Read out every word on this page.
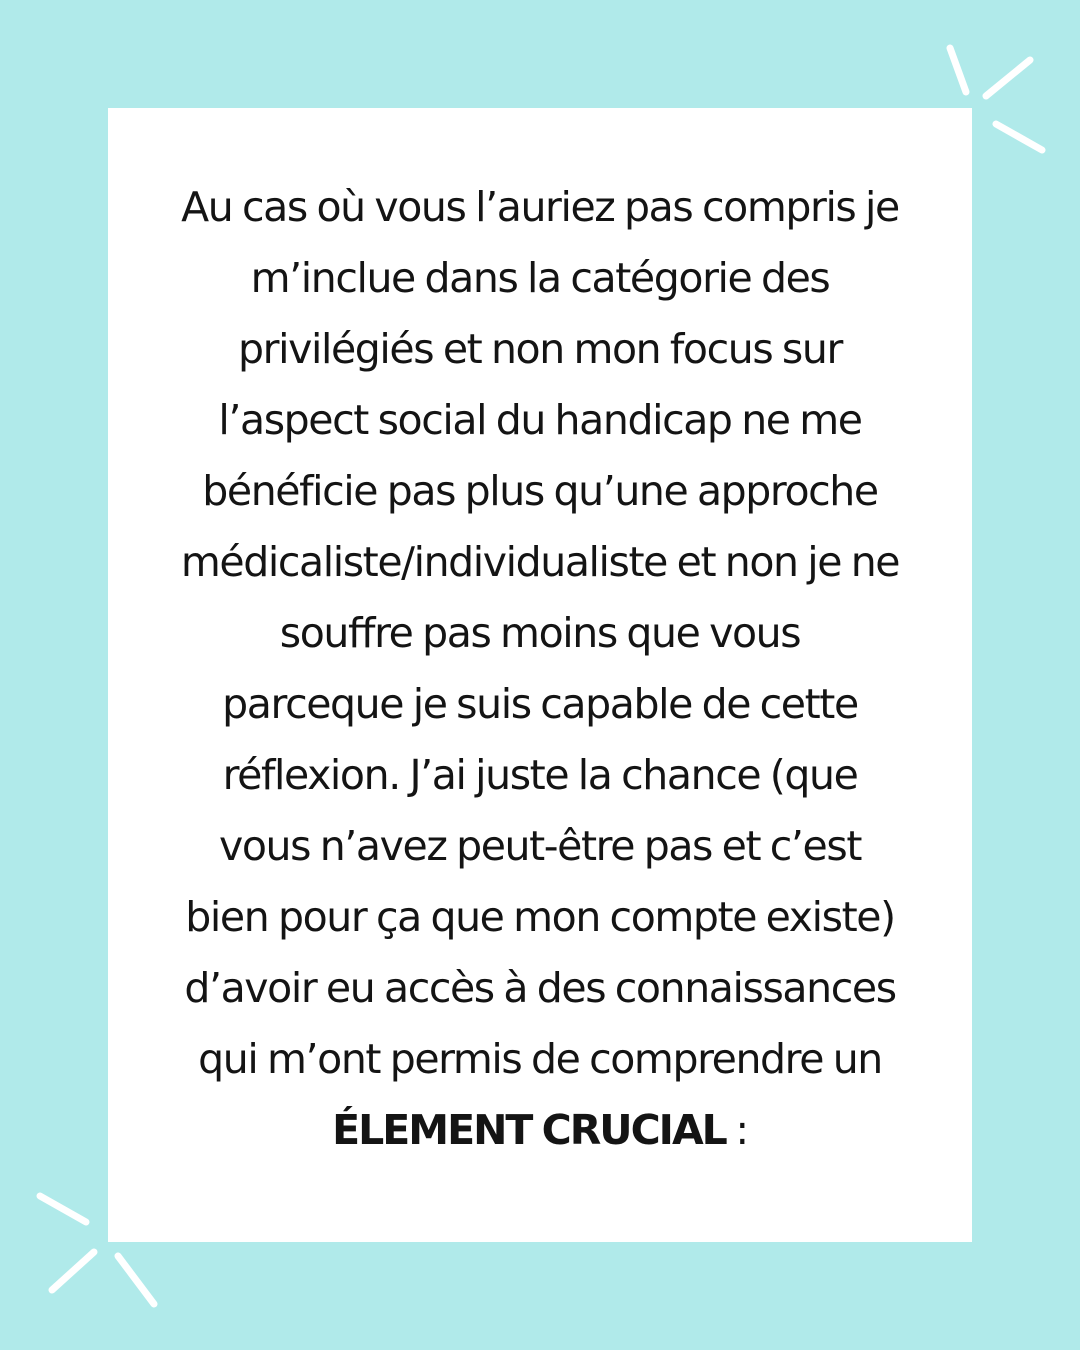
Au cas où vous l’auriez pas compris je
m’inclue dans la catégorie des
privilégiés et non mon focus sur
l’aspect social du handicap ne me
bénéficie pas plus qu’une approche
médicaliste/individualiste et non je ne
souffre pas moins que vous
parceque je suis capable de cette
réflexion. J’ai juste la chance (que
vous n’avez peut-être pas et c’est
bien pour ça que mon compte existe)
d’avoir eu accès à des connaissances
qui m’ont permis de comprendre un
ÉLEMENT CRUCIAL :
